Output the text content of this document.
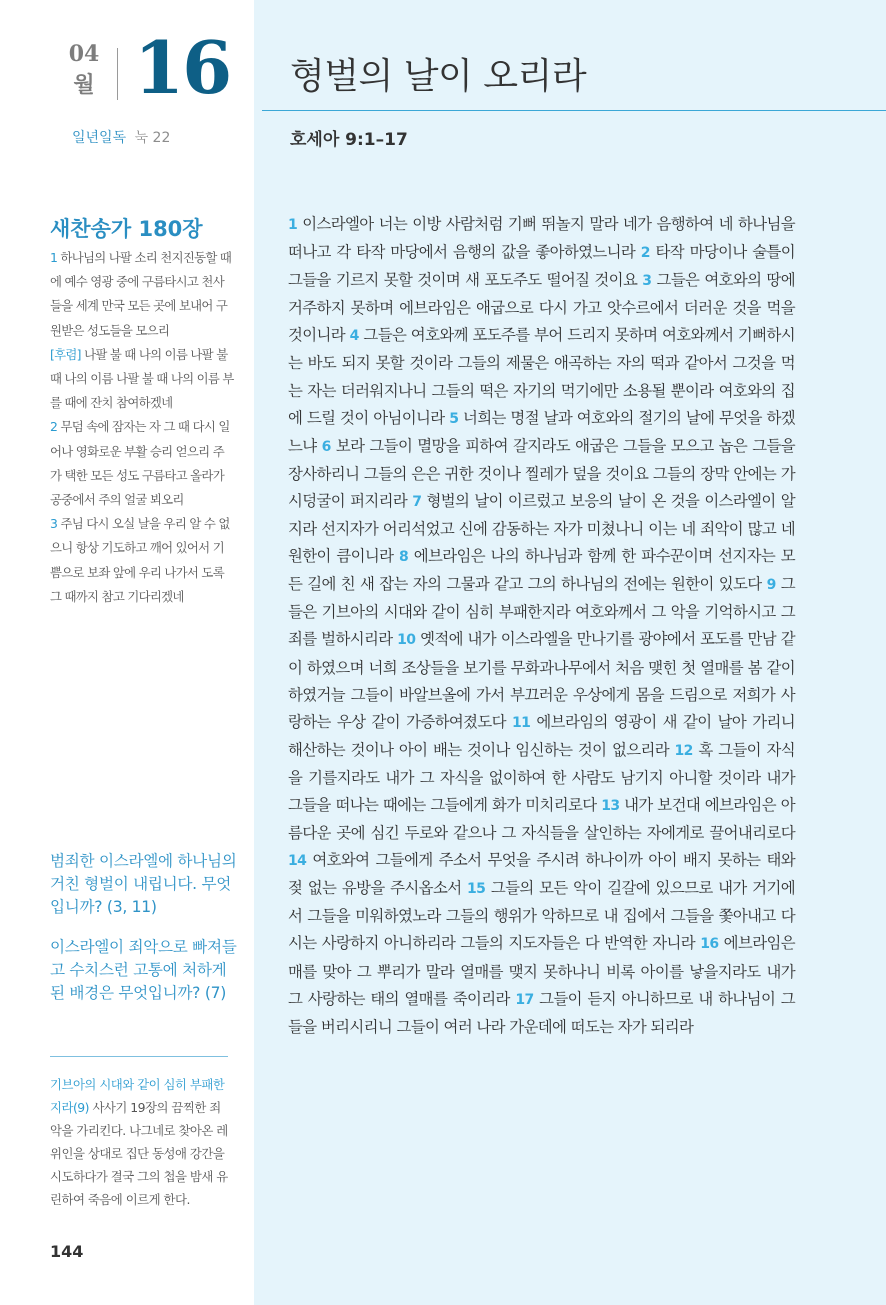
04
월 16
일년일독 눅 22
새찬송가 180장
1 하나님의 나팔 소리 천지진동할 때에 예수 영광 중에 구름타시고 천사들을 세계 만국 모든 곳에 보내어 구원받은 성도들을 모으리
[후렴] 나팔 불 때 나의 이름 나팔 불 때 나의 이름 나팔 불 때 나의 이름 부를 때에 잔치 참여하겠네
2 무덤 속에 잠자는 자 그 때 다시 일어나 영화로운 부활 승리 얻으리 주가 택한 모든 성도 구름타고 올라가 공중에서 주의 얼굴 뵈오리
3 주님 다시 오실 날을 우리 알 수 없으니 항상 기도하고 깨어 있어서 기쁨으로 보좌 앞에 우리 나가서 도록 그 때까지 참고 기다리겠네
범죄한 이스라엘에 하나님의 거친 형벌이 내립니다. 무엇입니까? (3, 11)
이스라엘이 죄악으로 빠져들고 수치스런 고통에 처하게 된 배경은 무엇입니까? (7)
기브아의 시대와 같이 심히 부패한지라(9) 사사기 19장의 끔찍한 죄악을 가리킨다. 나그네로 찾아온 레위인을 상대로 집단 동성애 강간을 시도하다가 결국 그의 첩을 밤새 유린하여 죽음에 이르게 한다.
144
형벌의 날이 오리라
호세아 9:1–17
1 이스라엘아 너는 이방 사람처럼 기뻐 뛰놀지 말라 네가 음행하여 네 하나님을 떠나고 각 타작 마당에서 음행의 값을 좋아하였느니라 2 타작 마당이나 술틀이 그들을 기르지 못할 것이며 새 포도주도 떨어질 것이요 3 그들은 여호와의 땅에 거주하지 못하며 에브라임은 애굽으로 다시 가고 앗수르에서 더러운 것을 먹을 것이니라 4 그들은 여호와께 포도주를 부어 드리지 못하며 여호와께서 기뻐하시는 바도 되지 못할 것이라 그들의 제물은 애곡하는 자의 떡과 같아서 그것을 먹는 자는 더러워지나니 그들의 떡은 자기의 먹기에만 소용될 뿐이라 여호와의 집에 드릴 것이 아님이니라 5 너희는 명절 날과 여호와의 절기의 날에 무엇을 하겠느냐 6 보라 그들이 멸망을 피하여 갈지라도 애굽은 그들을 모으고 놉은 그들을 장사하리니 그들의 은은 귀한 것이나 찔레가 덮을 것이요 그들의 장막 안에는 가시덩굴이 퍼지리라 7 형벌의 날이 이르렀고 보응의 날이 온 것을 이스라엘이 알지라 선지자가 어리석었고 신에 감동하는 자가 미쳤나니 이는 네 죄악이 많고 네 원한이 큼이니라 8 에브라임은 나의 하나님과 함께 한 파수꾼이며 선지자는 모든 길에 친 새 잡는 자의 그물과 같고 그의 하나님의 전에는 원한이 있도다 9 그들은 기브아의 시대와 같이 심히 부패한지라 여호와께서 그 악을 기억하시고 그 죄를 벌하시리라 10 옛적에 내가 이스라엘을 만나기를 광야에서 포도를 만남 같이 하였으며 너희 조상들을 보기를 무화과나무에서 처음 맺힌 첫 열매를 봄 같이 하였거늘 그들이 바알브올에 가서 부끄러운 우상에게 몸을 드림으로 저희가 사랑하는 우상 같이 가증하여졌도다 11 에브라임의 영광이 새 같이 날아 가리니 해산하는 것이나 아이 배는 것이나 임신하는 것이 없으리라 12 혹 그들이 자식을 기를지라도 내가 그 자식을 없이하여 한 사람도 남기지 아니할 것이라 내가 그들을 떠나는 때에는 그들에게 화가 미치리로다 13 내가 보건대 에브라임은 아름다운 곳에 심긴 두로와 같으나 그 자식들을 살인하는 자에게로 끌어내리로다 14 여호와여 그들에게 주소서 무엇을 주시려 하나이까 아이 배지 못하는 태와 젖 없는 유방을 주시옵소서 15 그들의 모든 악이 길갈에 있으므로 내가 거기에서 그들을 미워하였노라 그들의 행위가 악하므로 내 집에서 그들을 쫓아내고 다시는 사랑하지 아니하리라 그들의 지도자들은 다 반역한 자니라 16 에브라임은 매를 맞아 그 뿌리가 말라 열매를 맺지 못하나니 비록 아이를 낳을지라도 내가 그 사랑하는 태의 열매를 죽이리라 17 그들이 듣지 아니하므로 내 하나님이 그들을 버리시리니 그들이 여러 나라 가운데에 떠도는 자가 되리라
